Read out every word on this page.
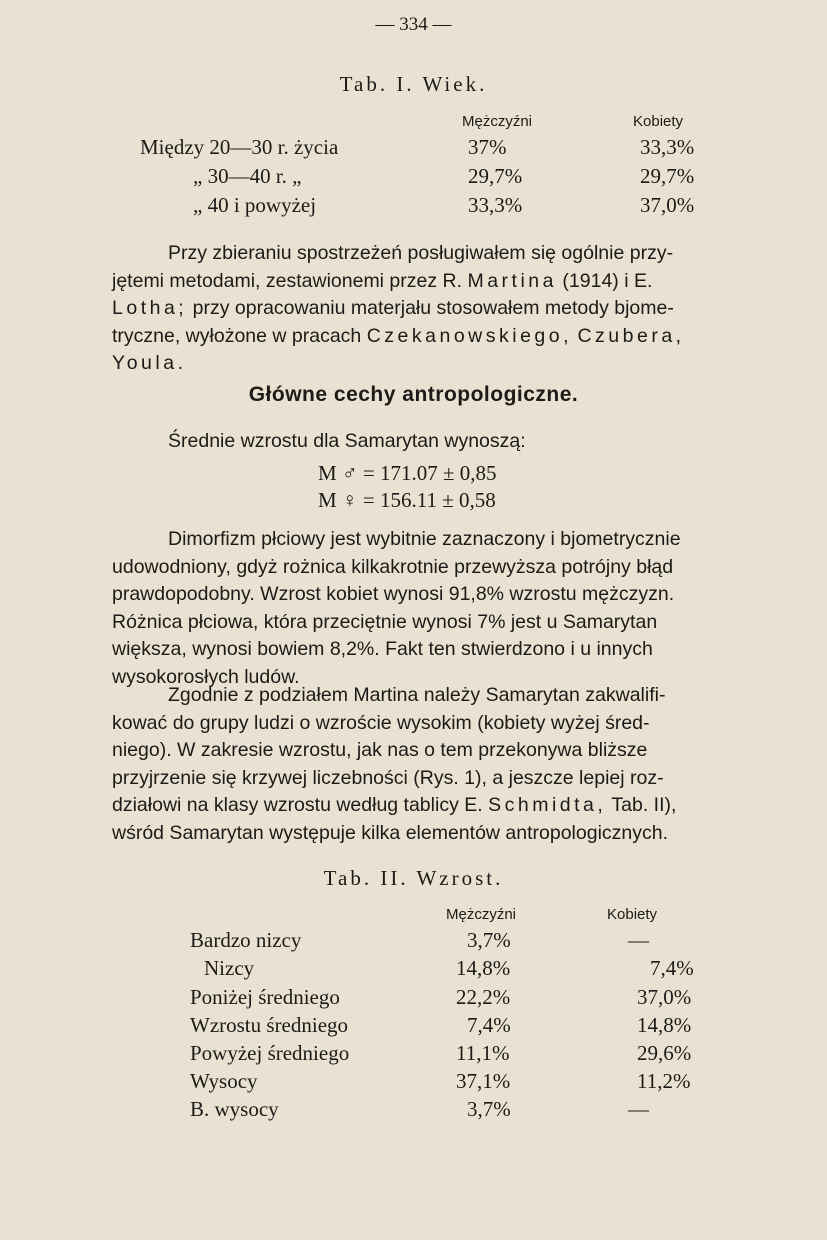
— 334 —
Tab. I. Wiek.
Mężczyźni	Kobiety
Między 20—30 r. życia	37%	33,3%
„ 30—40 r. „	29,7%	29,7%
„ 40 i powyżej	33,3%	37,0%
Przy zbieraniu spostrzeżeń posługiwałem się ogólnie przy-
jętemi metodami, zestawionemi przez R. Martina (1914) i E.
Lotha; przy opracowaniu materjału stosowałem metody bjome-
tryczne, wyłożone w pracach Czekanowskiego, Czubera,
Youla.
Główne cechy antropologiczne.
Średnie wzrostu dla Samarytan wynoszą:
M ♂ = 171.07 ± 0,85
M ♀ = 156.11 ± 0,58
Dimorfizm płciowy jest wybitnie zaznaczony i bjometrycznie
udowodniony, gdyż rożnica kilkakrotnie przewyższa potrójny błąd
prawdopodobny. Wzrost kobiet wynosi 91,8% wzrostu mężczyzn.
Różnica płciowa, która przeciętnie wynosi 7% jest u Samarytan
większa, wynosi bowiem 8,2%. Fakt ten stwierdzono i u innych
wysokorosłych ludów.
Zgodnie z podziałem Martina należy Samarytan zakwalifi-
kować do grupy ludzi o wzroście wysokim (kobiety wyżej śred-
niego). W zakresie wzrostu, jak nas o tem przekonywa bliższe
przyjrzenie się krzywej liczebności (Rys. 1), a jeszcze lepiej roz-
działowi na klasy wzrostu według tablicy E. Schmidta, Tab. II),
wśród Samarytan występuje kilka elementów antropologicznych.
Tab. II. Wzrost.
Mężczyźni	Kobiety
Bardzo nizcy	3,7%	—
Nizcy	14,8%	7,4%
Poniżej średniego	22,2%	37,0%
Wzrostu średniego	7,4%	14,8%
Powyżej średniego	11,1%	29,6%
Wysocy	37,1%	11,2%
B. wysocy	3,7%	—
